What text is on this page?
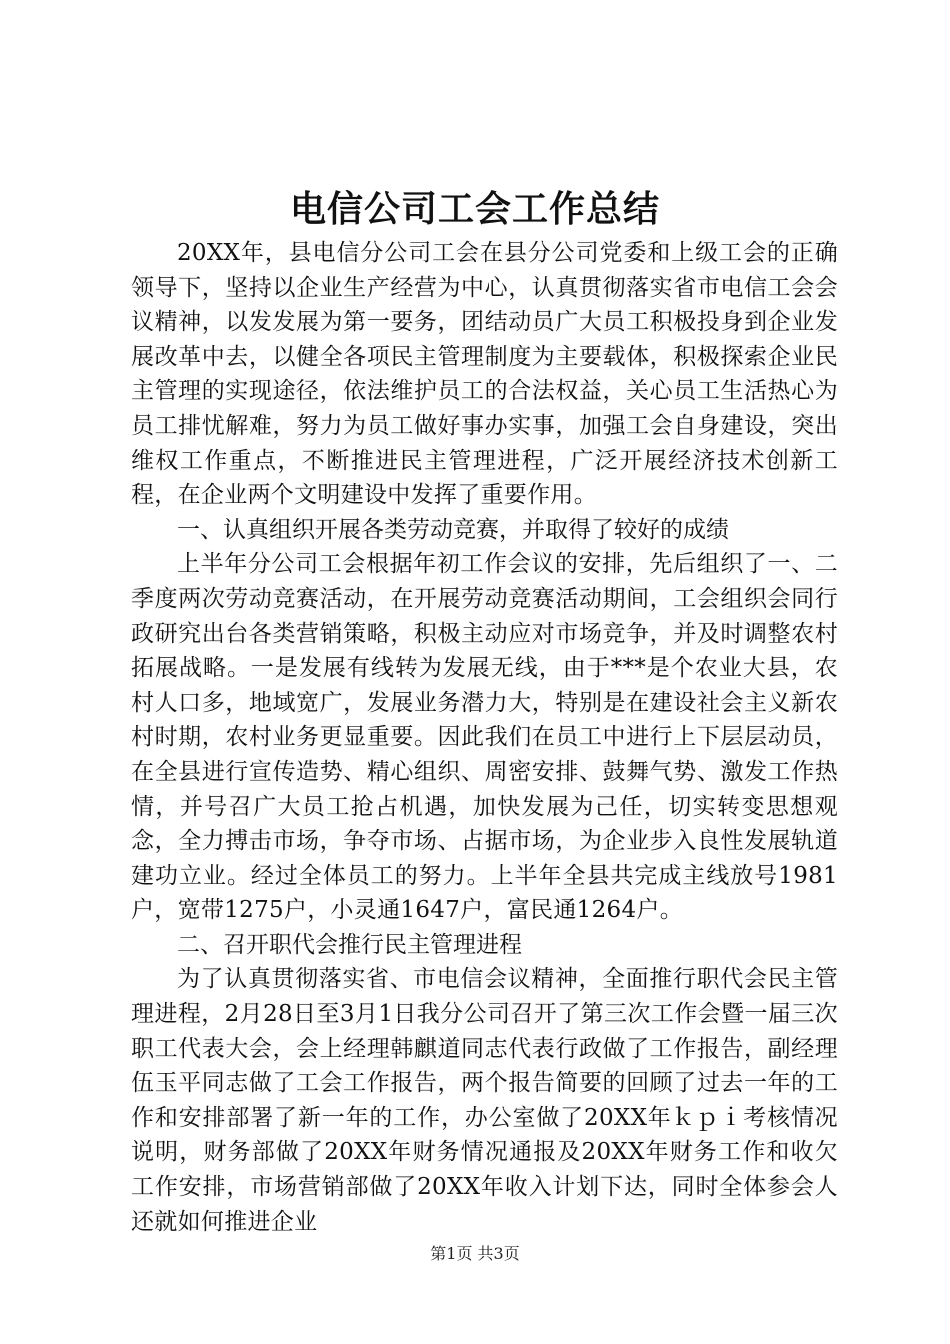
电信公司工会工作总结

20XX年，县电信分公司工会在县分公司党委和上级工会的正确领导下，坚持以企业生产经营为中心，认真贯彻落实省市电信工会会议精神，以发发展为第一要务，团结动员广大员工积极投身到企业发展改革中去，以健全各项民主管理制度为主要载体，积极探索企业民主管理的实现途径，依法维护员工的合法权益，关心员工生活热心为员工排忧解难，努力为员工做好事办实事，加强工会自身建设，突出维权工作重点，不断推进民主管理进程，广泛开展经济技术创新工程，在企业两个文明建设中发挥了重要作用。

一、认真组织开展各类劳动竞赛，并取得了较好的成绩

上半年分公司工会根据年初工作会议的安排，先后组织了一、二季度两次劳动竞赛活动，在开展劳动竞赛活动期间，工会组织会同行政研究出台各类营销策略，积极主动应对市场竞争，并及时调整农村拓展战略。一是发展有线转为发展无线，由于***是个农业大县，农村人口多，地域宽广，发展业务潜力大，特别是在建设社会主义新农村时期，农村业务更显重要。因此我们在员工中进行上下层层动员，在全县进行宣传造势、精心组织、周密安排、鼓舞气势、激发工作热情，并号召广大员工抢占机遇，加快发展为己任，切实转变思想观念，全力搏击市场，争夺市场、占据市场，为企业步入良性发展轨道建功立业。经过全体员工的努力。上半年全县共完成主线放号1981户，宽带1275户，小灵通1647户，富民通1264户。

二、召开职代会推行民主管理进程

为了认真贯彻落实省、市电信会议精神，全面推行职代会民主管理进程，2月28日至3月1日我分公司召开了第三次工作会暨一届三次职工代表大会，会上经理韩麒道同志代表行政做了工作报告，副经理伍玉平同志做了工会工作报告，两个报告简要的回顾了过去一年的工作和安排部署了新一年的工作，办公室做了20XX年ｋｐｉ考核情况说明，财务部做了20XX年财务情况通报及20XX年财务工作和收欠工作安排，市场营销部做了20XX年收入计划下达，同时全体参会人还就如何推进企业

第1页 共3页
